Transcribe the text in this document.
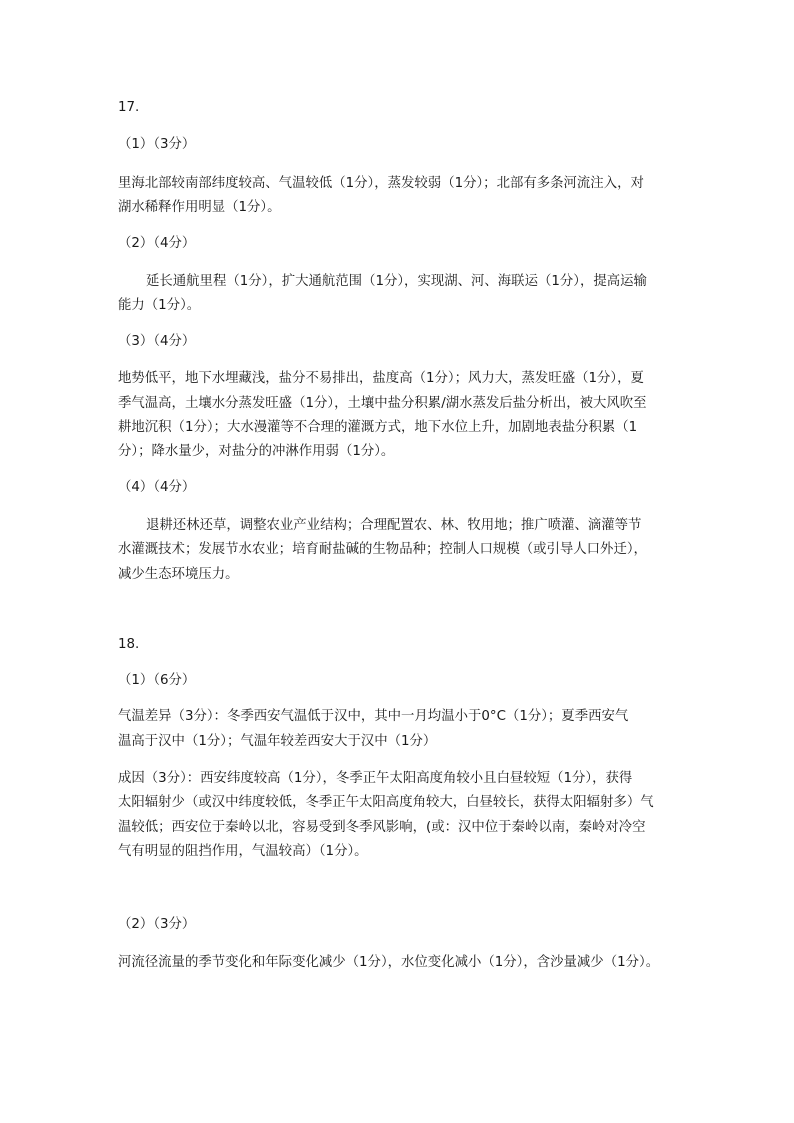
17.
（1）（3分）
里海北部较南部纬度较高、气温较低（1分），蒸发较弱（1分）；北部有多条河流注入，对
湖水稀释作用明显（1分）。
（2）（4分）
延长通航里程（1分），扩大通航范围（1分），实现湖、河、海联运（1分），提高运输
能力（1分）。
（3）（4分）
地势低平，地下水埋藏浅，盐分不易排出，盐度高（1分）；风力大，蒸发旺盛（1分），夏
季气温高，土壤水分蒸发旺盛（1分），土壤中盐分积累/湖水蒸发后盐分析出，被大风吹至
耕地沉积（1分）；大水漫灌等不合理的灌溉方式，地下水位上升，加剧地表盐分积累（1
分）；降水量少，对盐分的冲淋作用弱（1分）。
（4）（4分）
退耕还林还草，调整农业产业结构；合理配置农、林、牧用地；推广喷灌、滴灌等节
水灌溉技术；发展节水农业；培育耐盐碱的生物品种；控制人口规模（或引导人口外迁），
减少生态环境压力。
18.
（1）（6分）
气温差异（3分）：冬季西安气温低于汉中，其中一月均温小于0°C（1分）；夏季西安气
温高于汉中（1分）；气温年较差西安大于汉中（1分）
成因（3分）：西安纬度较高（1分），冬季正午太阳高度角较小且白昼较短（1分），获得
太阳辐射少（或汉中纬度较低，冬季正午太阳高度角较大，白昼较长，获得太阳辐射多）气
温较低；西安位于秦岭以北，容易受到冬季风影响，(或：汉中位于秦岭以南，秦岭对冷空
气有明显的阻挡作用，气温较高）（1分）。
（2）（3分）
河流径流量的季节变化和年际变化减少（1分），水位变化减小（1分），含沙量减少（1分）。
